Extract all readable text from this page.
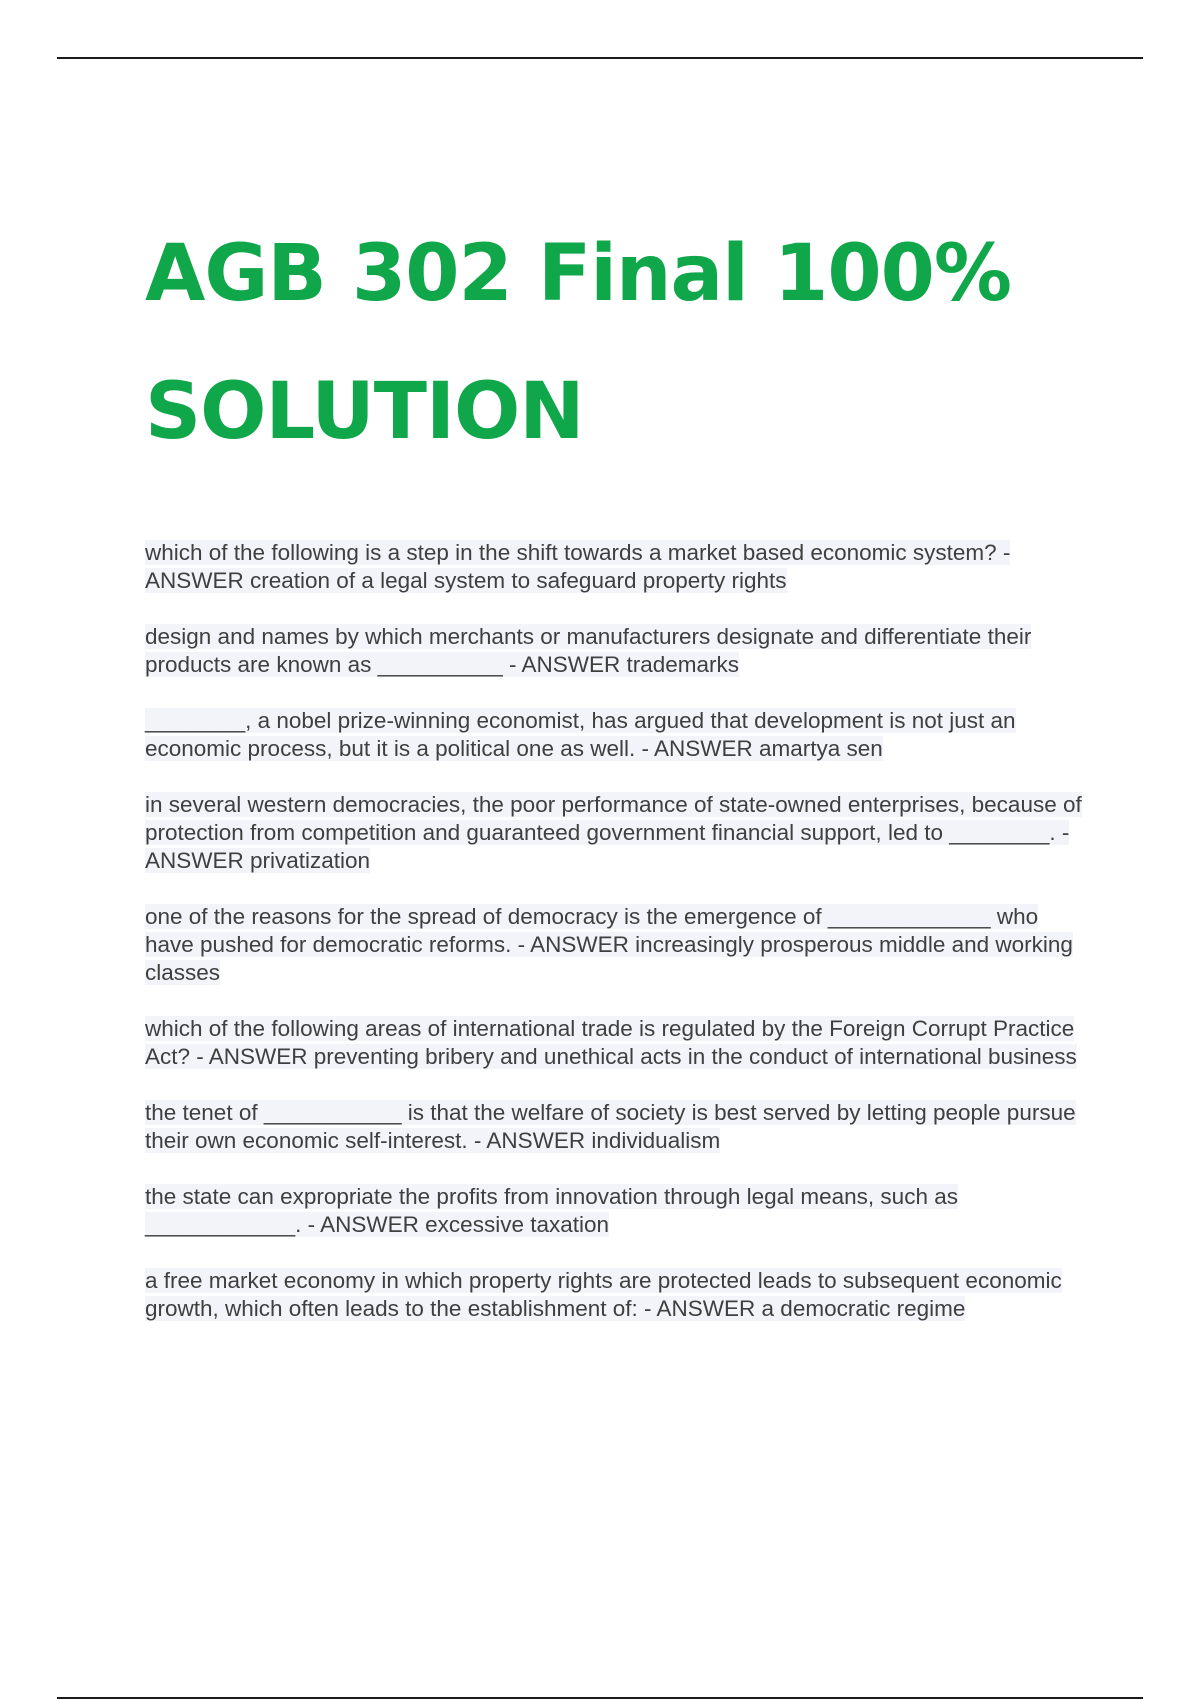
AGB 302 Final 100%
SOLUTION
which of the following is a step in the shift towards a market based economic system? - ANSWER creation of a legal system to safeguard property rights
design and names by which merchants or manufacturers designate and differentiate their products are known as __________ - ANSWER trademarks
________, a nobel prize-winning economist, has argued that development is not just an economic process, but it is a political one as well. - ANSWER amartya sen
in several western democracies, the poor performance of state-owned enterprises, because of protection from competition and guaranteed government financial support, led to ________. - ANSWER privatization
one of the reasons for the spread of democracy is the emergence of _____________ who have pushed for democratic reforms. - ANSWER increasingly prosperous middle and working classes
which of the following areas of international trade is regulated by the Foreign Corrupt Practice Act? - ANSWER preventing bribery and unethical acts in the conduct of international business
the tenet of ___________ is that the welfare of society is best served by letting people pursue their own economic self-interest. - ANSWER individualism
the state can expropriate the profits from innovation through legal means, such as ____________. - ANSWER excessive taxation
a free market economy in which property rights are protected leads to subsequent economic growth, which often leads to the establishment of: - ANSWER a democratic regime
